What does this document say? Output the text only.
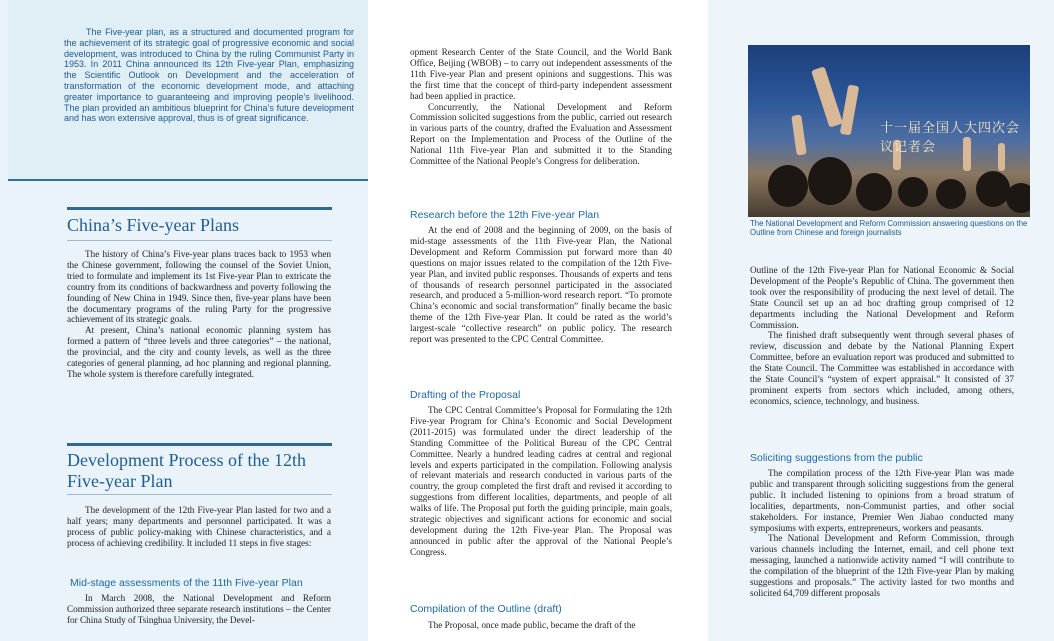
The Five-year plan, as a structured and documented program for the achievement of its strategic goal of progressive economic and social development, was introduced to China by the ruling Communist Party in 1953. In 2011 China announced its 12th Five-year Plan, emphasizing the Scientific Outlook on Development and the acceleration of transformation of the economic development mode, and attaching greater importance to guaranteeing and improving people’s livelihood. The plan provided an ambitious blueprint for China’s future development and has won extensive approval, thus is of great significance.

China’s Five-year Plans

The history of China’s Five-year plans traces back to 1953 when the Chinese government, following the counsel of the Soviet Union, tried to formulate and implement its 1st Five-year Plan to extricate the country from its conditions of backwardness and poverty following the founding of New China in 1949. Since then, five-year plans have been the documentary programs of the ruling Party for the progressive achievement of its strategic goals.

At present, China’s national economic planning system has formed a pattern of “three levels and three categories” – the national, the provincial, and the city and county levels, as well as the three categories of general planning, ad hoc planning and regional planning. The whole system is therefore carefully integrated.

Development Process of the 12th Five-year Plan

The development of the 12th Five-year Plan lasted for two and a half years; many departments and personnel participated. It was a process of public policy-making with Chinese characteristics, and a process of achieving credibility. It included 11 steps in five stages:

Mid-stage assessments of the 11th Five-year Plan

In March 2008, the National Development and Reform Commission authorized three separate research institutions – the Center for China Study of Tsinghua University, the Devel-

opment Research Center of the State Council, and the World Bank Office, Beijing (WBOB) – to carry out independent assessments of the 11th Five-year Plan and present opinions and suggestions. This was the first time that the concept of third-party independent assessment had been applied in practice.

Concurrently, the National Development and Reform Commission solicited suggestions from the public, carried out research in various parts of the country, drafted the Evaluation and Assessment Report on the Implementation and Process of the Outline of the National 11th Five-year Plan and submitted it to the Standing Committee of the National People’s Congress for deliberation.

Research before the 12th Five-year Plan

At the end of 2008 and the beginning of 2009, on the basis of mid-stage assessments of the 11th Five-year Plan, the National Development and Reform Commission put forward more than 40 questions on major issues related to the compilation of the 12th Five-year Plan, and invited public responses. Thousands of experts and tens of thousands of research personnel participated in the associated research, and produced a 5-million-word research report. “To promote China’s economic and social transformation” finally became the basic theme of the 12th Five-year Plan. It could be rated as the world’s largest-scale “collective research” on public policy. The research report was presented to the CPC Central Committee.

Drafting of the Proposal

The CPC Central Committee’s Proposal for Formulating the 12th Five-year Program for China’s Economic and Social Development (2011-2015) was formulated under the direct leadership of the Standing Committee of the Political Bureau of the CPC Central Committee. Nearly a hundred leading cadres at central and regional levels and experts participated in the compilation. Following analysis of relevant materials and research conducted in various parts of the country, the group completed the first draft and revised it according to suggestions from different localities, departments, and people of all walks of life. The Proposal put forth the guiding principle, main goals, strategic objectives and significant actions for economic and social development during the 12th Five-year Plan. The Proposal was announced in public after the approval of the National People’s Congress.

Compilation of the Outline (draft)

The Proposal, once made public, became the draft of the

十一届全国人大四次会议记者会

The National Development and Reform Commission answering questions on the Outline from Chinese and foreign journalists

Outline of the 12th Five-year Plan for National Economic & Social Development of the People’s Republic of China. The government then took over the responsibility of producing the next level of detail. The State Council set up an ad hoc drafting group comprised of 12 departments including the National Development and Reform Commission.

The finished draft subsequently went through several phases of review, discussion and debate by the National Planning Expert Committee, before an evaluation report was produced and submitted to the State Council. The Committee was established in accordance with the State Council’s “system of expert appraisal.” It consisted of 37 prominent experts from sectors which included, among others, economics, science, technology, and business.

Soliciting suggestions from the public

The compilation process of the 12th Five-year Plan was made public and transparent through soliciting suggestions from the general public. It included listening to opinions from a broad stratum of localities, departments, non-Communist parties, and other social stakeholders. For instance, Premier Wen Jiabao conducted many symposiums with experts, entrepreneurs, workers and peasants.

The National Development and Reform Commission, through various channels including the Internet, email, and cell phone text messaging, launched a nationwide activity named “I will contribute to the compilation of the blueprint of the 12th Five-year Plan by making suggestions and proposals.” The activity lasted for two months and solicited 64,709 different proposals
